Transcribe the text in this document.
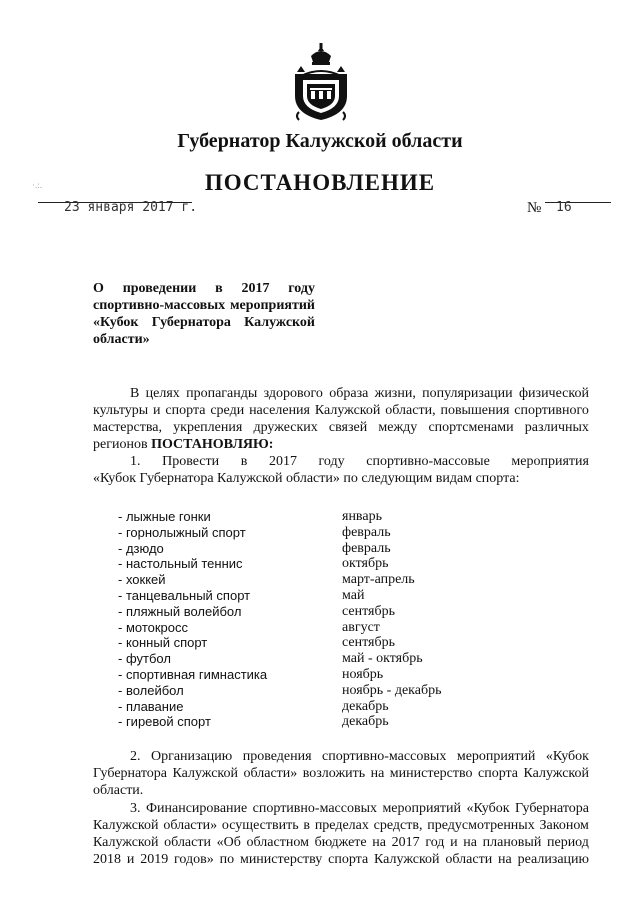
Губернатор Калужской области
ПОСТАНОВЛЕНИЕ
·.:.
23 января 2017 г.	№ 16
О проведении в 2017 году
спортивно-массовых мероприятий
«Кубок Губернатора Калужской
области»
В целях пропаганды здорового образа жизни, популяризации физической
культуры и спорта среди населения Калужской области, повышения спортивного
мастерства, укрепления дружеских связей между спортсменами различных
регионов ПОСТАНОВЛЯЮ:
1. Провести в 2017 году спортивно-массовые мероприятия
«Кубок Губернатора Калужской области» по следующим видам спорта:
- лыжные гонки	январь
- горнолыжный спорт	февраль
- дзюдо	февраль
- настольный теннис	октябрь
- хоккей	март-апрель
- танцевальный спорт	май
- пляжный волейбол	сентябрь
- мотокросс	август
- конный спорт	сентябрь
- футбол	май - октябрь
- спортивная гимнастика	ноябрь
- волейбол	ноябрь - декабрь
- плавание	декабрь
- гиревой спорт	декабрь
2. Организацию проведения спортивно-массовых мероприятий «Кубок
Губернатора Калужской области» возложить на министерство спорта Калужской
области.
3. Финансирование спортивно-массовых мероприятий «Кубок Губернатора
Калужской области» осуществить в пределах средств, предусмотренных Законом
Калужской области «Об областном бюджете на 2017 год и на плановый период
2018 и 2019 годов» по министерству спорта Калужской области на реализацию
